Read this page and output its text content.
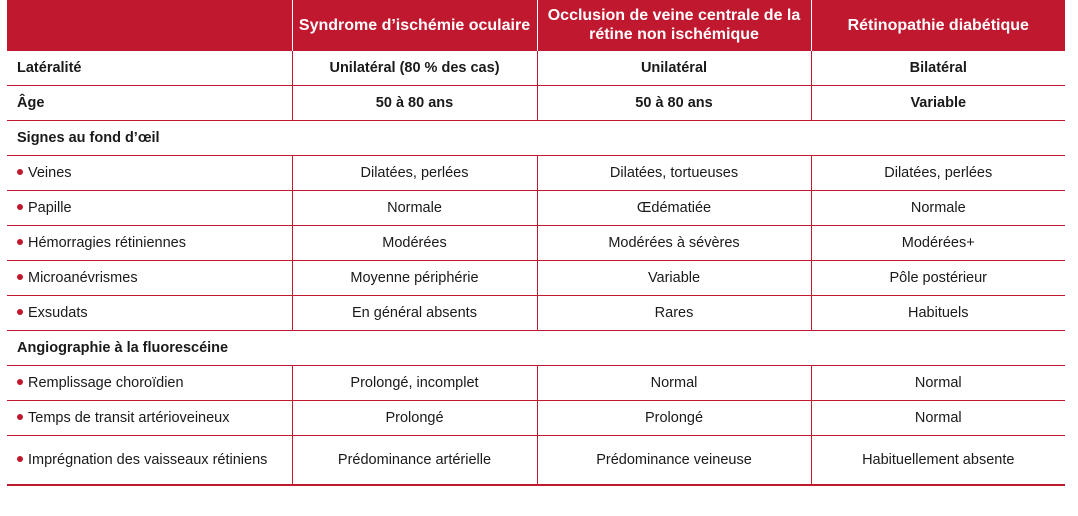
	Syndrome d’ischémie oculaire	Occlusion de veine centrale de la rétine non ischémique	Rétinopathie diabétique
Latéralité	Unilatéral (80 % des cas)	Unilatéral	Bilatéral
Âge	50 à 80 ans	50 à 80 ans	Variable
Signes au fond d’œil			
Veines	Dilatées, perlées	Dilatées, tortueuses	Dilatées, perlées
Papille	Normale	Œdématiée	Normale
Hémorragies rétiniennes	Modérées	Modérées à sévères	Modérées+
Microanévrismes	Moyenne périphérie	Variable	Pôle postérieur
Exsudats	En général absents	Rares	Habituels
Angiographie à la fluorescéine			
Remplissage choroïdien	Prolongé, incomplet	Normal	Normal
Temps de transit artérioveineux	Prolongé	Prolongé	Normal

Imprégnation des vaisseaux rétiniens	Prédominance artérielle	Prédominance veineuse	Habituellement absente
